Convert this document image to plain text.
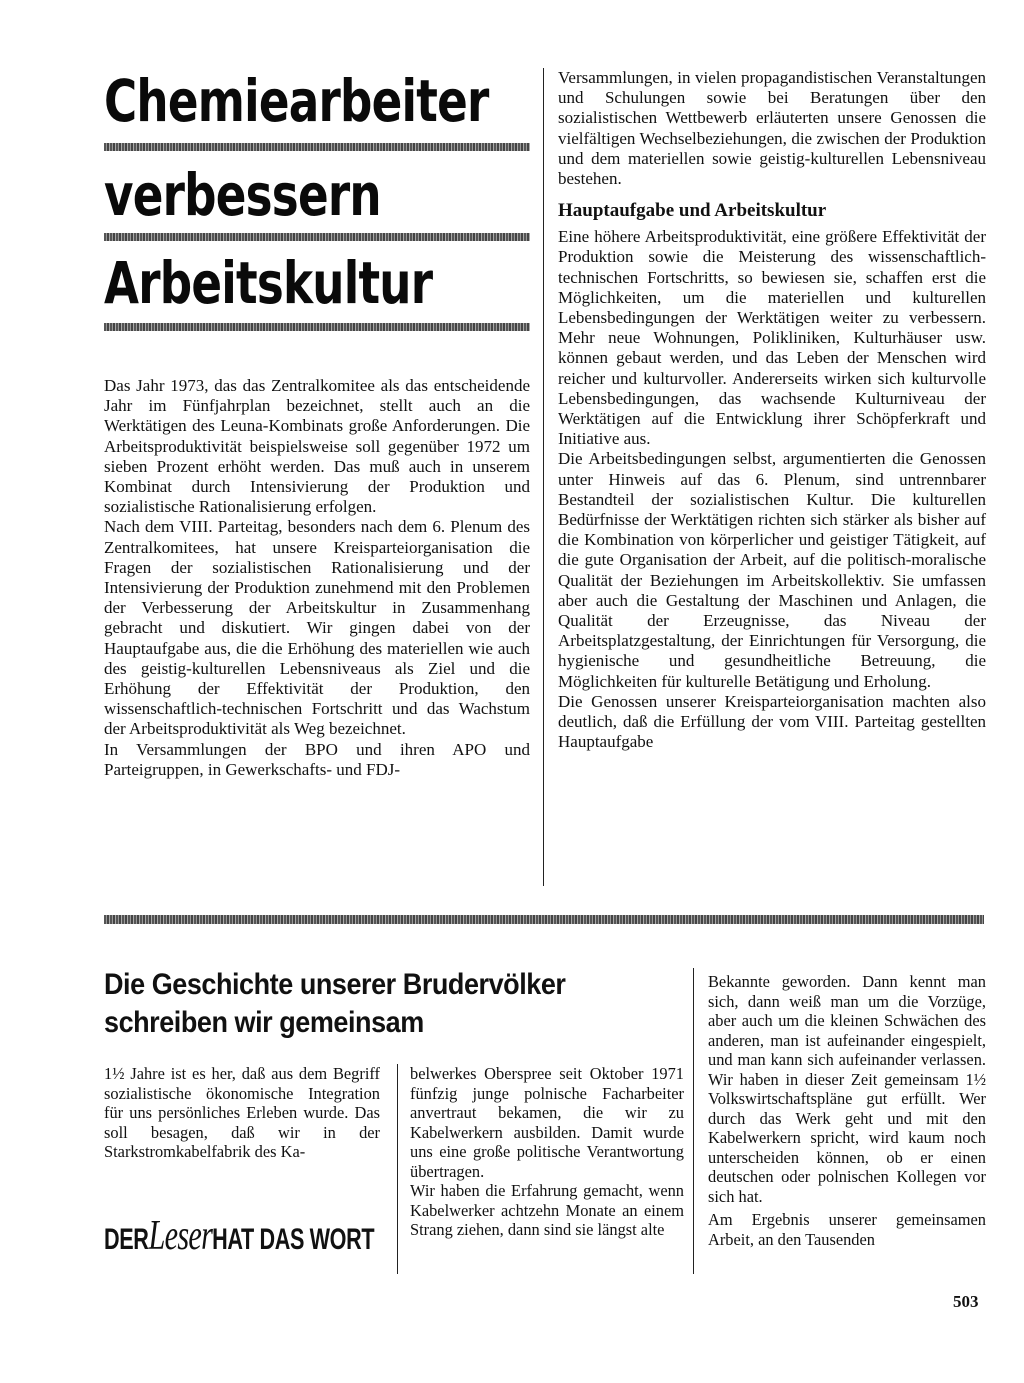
Chemiearbeiter
verbessern
Arbeitskultur

Das Jahr 1973, das das Zentralkomitee als das entscheidende Jahr im Fünfjahrplan bezeichnet, stellt auch an die Werktätigen des Leuna-Kombinats große Anforderungen. Die Arbeitsproduktivität beispielsweise soll gegenüber 1972 um sieben Prozent erhöht werden. Das muß auch in unserem Kombinat durch Intensivierung der Produktion und sozialistische Rationalisierung erfolgen.

Nach dem VIII. Parteitag, besonders nach dem 6. Plenum des Zentralkomitees, hat unsere Kreisparteiorganisation die Fragen der sozialistischen Rationalisierung und der Intensivierung der Produktion zunehmend mit den Problemen der Verbesserung der Arbeitskultur in Zusammenhang gebracht und diskutiert. Wir gingen dabei von der Hauptaufgabe aus, die die Erhöhung des materiellen wie auch des geistig-kulturellen Lebensniveaus als Ziel und die Erhöhung der Effektivität der Produktion, den wissenschaftlich-technischen Fortschritt und das Wachstum der Arbeitsproduktivität als Weg bezeichnet.

In Versammlungen der BPO und ihren APO und Parteigruppen, in Gewerkschafts- und FDJ-

Versammlungen, in vielen propagandistischen Veranstaltungen und Schulungen sowie bei Beratungen über den sozialistischen Wettbewerb erläuterten unsere Genossen die vielfältigen Wechselbeziehungen, die zwischen der Produktion und dem materiellen sowie geistig-kulturellen Lebensniveau bestehen.

Hauptaufgabe und Arbeitskultur

Eine höhere Arbeitsproduktivität, eine größere Effektivität der Produktion sowie die Meisterung des wissenschaftlich-technischen Fortschritts, so bewiesen sie, schaffen erst die Möglichkeiten, um die materiellen und kulturellen Lebensbedingungen der Werktätigen weiter zu verbessern. Mehr neue Wohnungen, Polikliniken, Kulturhäuser usw. können gebaut werden, und das Leben der Menschen wird reicher und kulturvoller. Andererseits wirken sich kulturvolle Lebensbedingungen, das wachsende Kulturniveau der Werktätigen auf die Entwicklung ihrer Schöpferkraft und Initiative aus.

Die Arbeitsbedingungen selbst, argumentierten die Genossen unter Hinweis auf das 6. Plenum, sind untrennbarer Bestandteil der sozialistischen Kultur. Die kulturellen Bedürfnisse der Werktätigen richten sich stärker als bisher auf die Kombination von körperlicher und geistiger Tätigkeit, auf die gute Organisation der Arbeit, auf die politisch-moralische Qualität der Beziehungen im Arbeitskollektiv. Sie umfassen aber auch die Gestaltung der Maschinen und Anlagen, die Qualität der Erzeugnisse, das Niveau der Arbeitsplatzgestaltung, der Einrichtungen für Versorgung, die hygienische und gesundheitliche Betreuung, die Möglichkeiten für kulturelle Betätigung und Erholung.

Die Genossen unserer Kreisparteiorganisation machten also deutlich, daß die Erfüllung der vom VIII. Parteitag gestellten Hauptaufgabe

Die Geschichte unserer Brudervölker
schreiben wir gemeinsam

1½ Jahre ist es her, daß aus dem Begriff sozialistische ökonomische Integration für uns persönliches Erleben wurde. Das soll besagen, daß wir in der Starkstromkabelfabrik des Ka-

DERLeserHAT DAS WORT

belwerkes Oberspree seit Oktober 1971 fünfzig junge polnische Facharbeiter anvertraut bekamen, die wir zu Kabelwerkern ausbilden. Damit wurde uns eine große politische Verantwortung übertragen.

Wir haben die Erfahrung gemacht, wenn Kabelwerker achtzehn Monate an einem Strang ziehen, dann sind sie längst alte

Bekannte geworden. Dann kennt man sich, dann weiß man um die Vorzüge, aber auch um die kleinen Schwächen des anderen, man ist aufeinander eingespielt, und man kann sich aufeinander verlassen. Wir haben in dieser Zeit gemeinsam 1½ Volkswirtschaftspläne gut erfüllt. Wer durch das Werk geht und mit den Kabelwerkern spricht, wird kaum noch unterscheiden können, ob er einen deutschen oder polnischen Kollegen vor sich hat.

Am Ergebnis unserer gemeinsamen Arbeit, an den Tausenden

503
